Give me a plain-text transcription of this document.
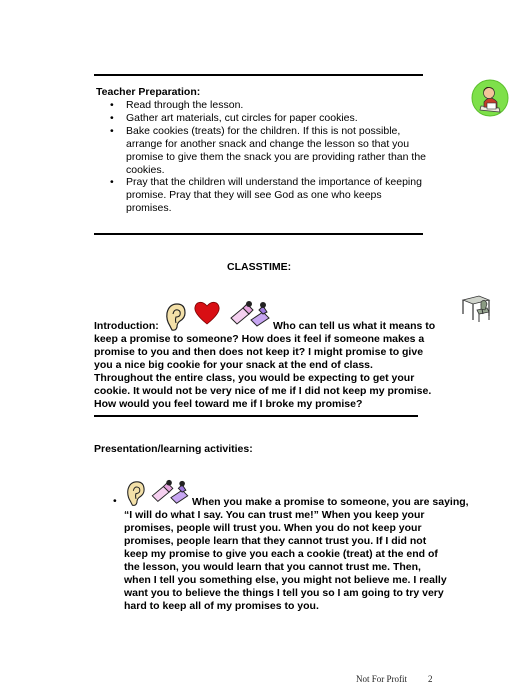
Teacher Preparation:

• Read through the lesson.
• Gather art materials, cut circles for paper cookies.
• Bake cookies (treats) for the children. If this is not possible, arrange for another snack and change the lesson so that you promise to give them the snack you are providing rather than the cookies.
• Pray that the children will understand the importance of keeping promise. Pray that they will see God as one who keeps promises.

CLASSTIME:

Introduction:	Who can tell us what it means to

keep a promise to someone? How does it feel if someone makes a promise to you and then does not keep it? I might promise to give you a nice big cookie for your snack at the end of class. Throughout the entire class, you would be expecting to get your cookie. It would not be very nice of me if I did not keep my promise. How would you feel toward me if I broke my promise?

Presentation/learning activities:

•	When you make a promise to someone, you are saying,

“I will do what I say. You can trust me!” When you keep your promises, people will trust you. When you do not keep your promises, people learn that they cannot trust you. If I did not keep my promise to give you each a cookie (treat) at the end of the lesson, you would learn that you cannot trust me. Then, when I tell you something else, you might not believe me. I really want you to believe the things I tell you so I am going to try very hard to keep all of my promises to you.

Not For Profit 2
